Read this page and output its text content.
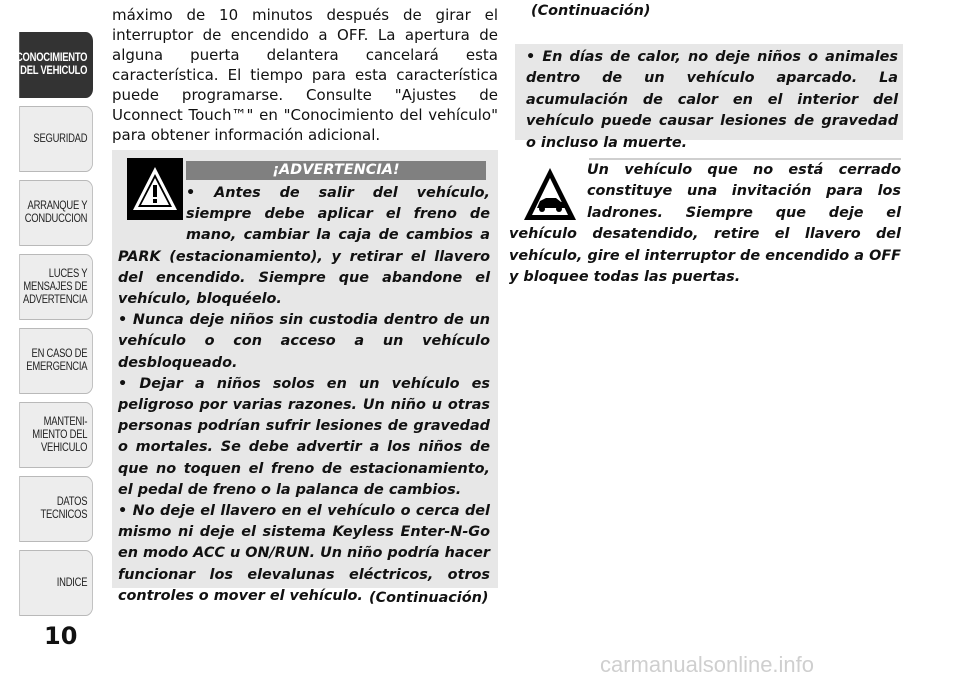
CONOCIMIENTO
DEL VEHICULO
SEGURIDAD
ARRANQUE Y
CONDUCCION
LUCES Y
MENSAJES DE
ADVERTENCIA
EN CASO DE
EMERGENCIA
MANTENI-
MIENTO DEL
VEHICULO
DATOS
TECNICOS
INDICE
10

máximo de 10 minutos después de girar el interruptor de encendido a OFF. La apertura de alguna puerta delantera cancelará esta característica. El tiempo para esta característica puede programarse. Consulte "Ajustes de Uconnect Touch™" en "Conocimiento del vehículo" para obtener información adicional.

¡ADVERTENCIA!

• Antes de salir del vehículo, siempre debe aplicar el freno de mano, cambiar la caja de cambios a PARK (estacionamiento), y retirar el llavero del encendido. Siempre que abandone el vehículo, bloquéelo.

• Nunca deje niños sin custodia dentro de un vehículo o con acceso a un vehículo desbloqueado.

• Dejar a niños solos en un vehículo es peligroso por varias razones. Un niño u otras personas podrían sufrir lesiones de gravedad o mortales. Se debe advertir a los niños de que no toquen el freno de estacionamiento, el pedal de freno o la palanca de cambios.

• No deje el llavero en el vehículo o cerca del mismo ni deje el sistema Keyless Enter-N-Go en modo ACC u ON/RUN. Un niño podría hacer funcionar los elevalunas eléctricos, otros controles o mover el vehículo. (Continuación)
(Continuación)

• En días de calor, no deje niños o animales dentro de un vehículo aparcado. La acumulación de calor en el interior del vehículo puede causar lesiones de gravedad o incluso la muerte.

Un vehículo que no está cerrado constituye una invitación para los ladrones. Siempre que deje el vehículo desatendido, retire el llavero del vehículo, gire el interruptor de encendido a OFF y bloquee todas las puertas.
carmanualsonline.info
